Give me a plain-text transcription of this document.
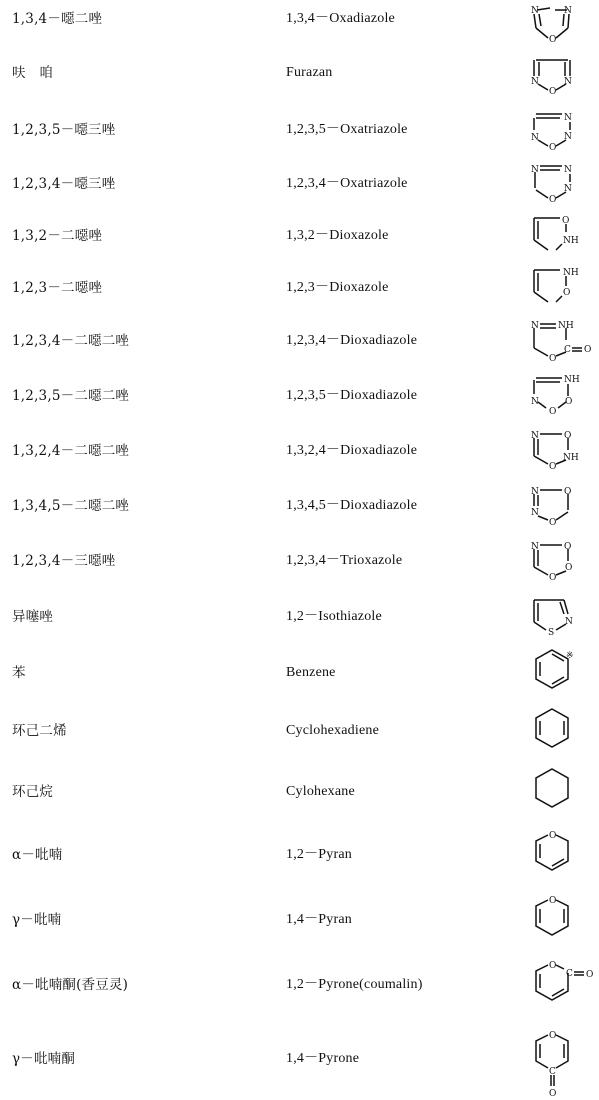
1,3,4－噁二唑	1,3,4－Oxadiazole	N	N
O
呋　咱	Furazan
N	N
O
1,2,3,5－噁三唑	1,2,3,5－Oxatriazole
N
N
N
O
1,2,3,4－噁三唑	1,2,3,4－Oxatriazole
N	N
N
O
1,3,2－二噁唑	1,3,2－Dioxazole
O
NH
1,2,3－二噁唑	1,2,3－Dioxazole
NH
O
1,2,3,4－二噁二唑	1,2,3,4－Dioxadiazole
N NH
C O
O
1,2,3,5－二噁二唑	1,2,3,5－Dioxadiazole
NH
N	O
O
1,3,2,4－二噁二唑	1,3,2,4－Dioxadiazole
N	O
NH
O
1,3,4,5－二噁二唑	1,3,4,5－Dioxadiazole
N	O
N
O
1,2,3,4－三噁唑	1,2,3,4－Trioxazole
N	O
O
O
异噻唑	1,2－Isothiazole	N
S
苯	Benzene
※
环己二烯	Cyclohexadiene
环己烷	Cylohexane
α－吡喃	1,2－Pyran
O
γ－吡喃	1,4－Pyran
O
α－吡喃酮(香豆灵)	1,2－Pyrone(coumalin)
O
C O
γ－吡喃酮	1,4－Pyrone
O
C
O
